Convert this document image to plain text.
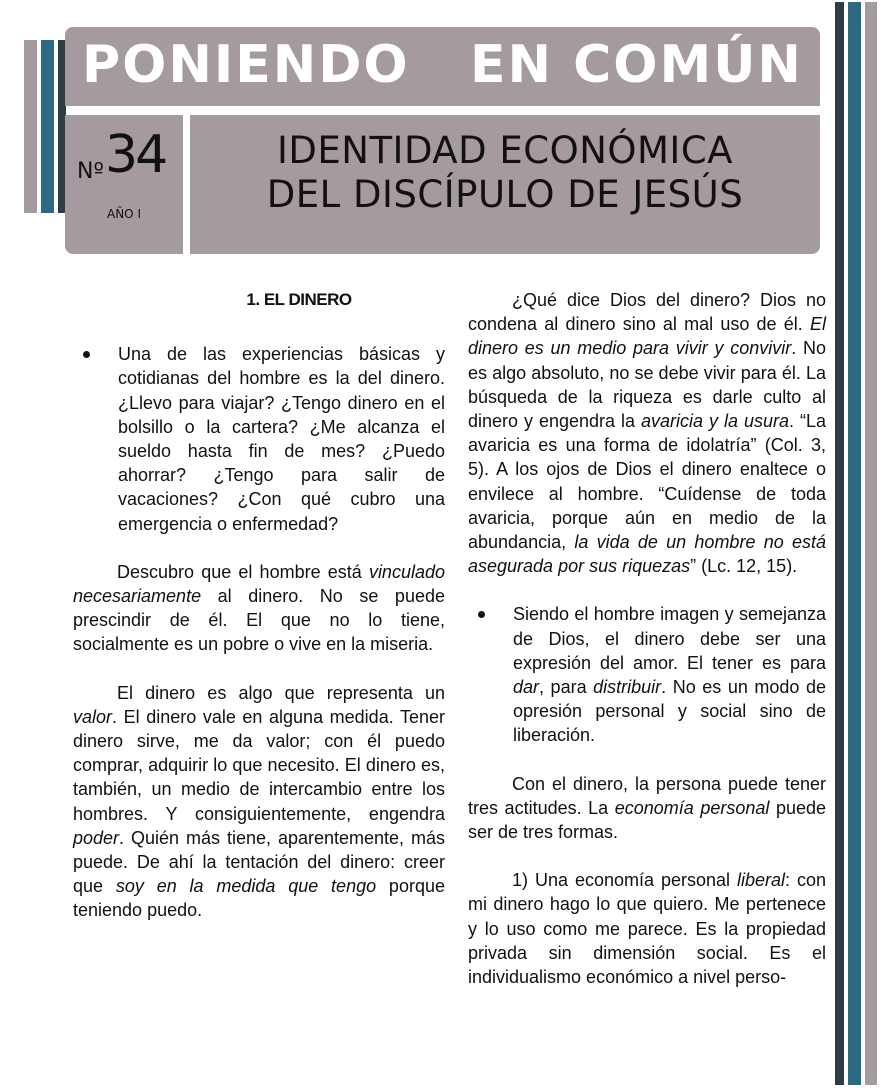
PONIENDO   EN COMÚN
Nº 34
AÑO I
IDENTIDAD ECONÓMICA
DEL DISCÍPULO DE JESÚS
1. EL DINERO

Una de las experiencias básicas y cotidianas del hombre es la del dinero. ¿Llevo para viajar? ¿Tengo dinero en el bolsillo o la cartera? ¿Me alcanza el sueldo hasta fin de mes? ¿Puedo ahorrar? ¿Tengo para salir de vacaciones? ¿Con qué cubro una emergencia o enfermedad?

Descubro que el hombre está vinculado necesariamente al dinero. No se puede prescindir de él. El que no lo tiene, socialmente es un pobre o vive en la miseria.

El dinero es algo que representa un valor. El dinero vale en alguna medida. Tener dinero sirve, me da valor; con él puedo comprar, adquirir lo que necesito. El dinero es, también, un medio de intercambio entre los hombres. Y consiguientemente, engendra poder. Quién más tiene, aparentemente, más puede. De ahí la tentación del dinero: creer que soy en la medida que tengo porque teniendo puedo.

¿Qué dice Dios del dinero? Dios no condena al dinero sino al mal uso de él. El dinero es un medio para vivir y convivir. No es algo absoluto, no se debe vivir para él. La búsqueda de la riqueza es darle culto al dinero y engendra la avaricia y la usura. “La avaricia es una forma de idolatría” (Col. 3, 5). A los ojos de Dios el dinero enaltece o envilece al hombre. “Cuídense de toda avaricia, porque aún en medio de la abundancia, la vida de un hombre no está asegurada por sus riquezas” (Lc. 12, 15).

Siendo el hombre imagen y semejanza de Dios, el dinero debe ser una expresión del amor. El tener es para dar, para distribuir. No es un modo de opresión personal y social sino de liberación.

Con el dinero, la persona puede tener tres actitudes. La economía personal puede ser de tres formas.

1) Una economía personal liberal: con mi dinero hago lo que quiero. Me pertenece y lo uso como me parece. Es la propiedad privada sin dimensión social. Es el individualismo económico a nivel perso-
